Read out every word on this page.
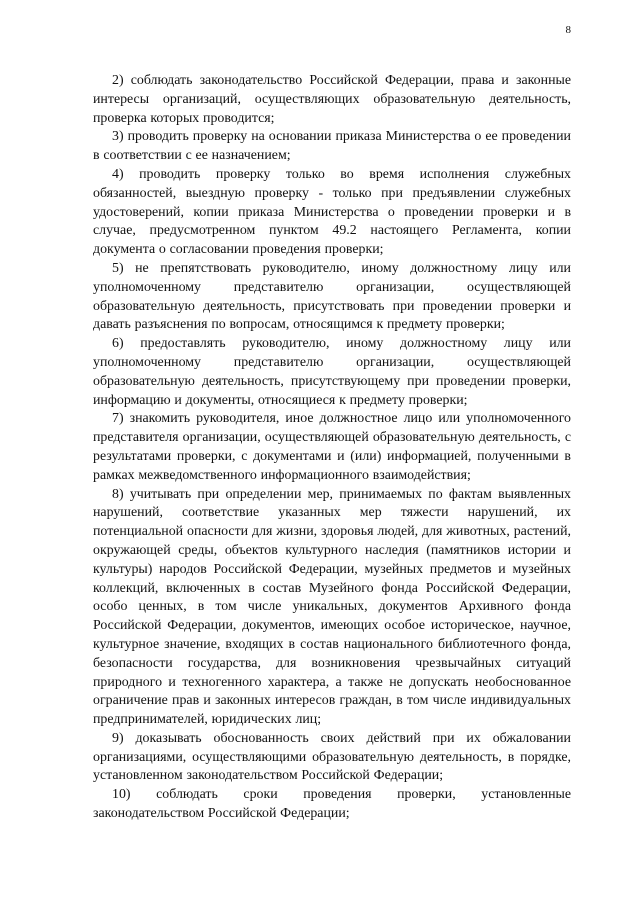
8

2) соблюдать законодательство Российской Федерации, права и законные интересы организаций, осуществляющих образовательную деятельность, проверка которых проводится;

3) проводить проверку на основании приказа Министерства о ее проведении в соответствии с ее назначением;

4) проводить проверку только во время исполнения служебных обязанностей, выездную проверку - только при предъявлении служебных удостоверений, копии приказа Министерства о проведении проверки и в случае, предусмотренном пунктом 49.2 настоящего Регламента, копии документа о согласовании проведения проверки;

5) не препятствовать руководителю, иному должностному лицу или уполномоченному представителю организации, осуществляющей образовательную деятельность, присутствовать при проведении проверки и давать разъяснения по вопросам, относящимся к предмету проверки;

6) предоставлять руководителю, иному должностному лицу или уполномоченному представителю организации, осуществляющей образовательную деятельность, присутствующему при проведении проверки, информацию и документы, относящиеся к предмету проверки;

7) знакомить руководителя, иное должностное лицо или уполномоченного представителя организации, осуществляющей образовательную деятельность, с результатами проверки, с документами и (или) информацией, полученными в рамках межведомственного информационного взаимодействия;

8) учитывать при определении мер, принимаемых по фактам выявленных нарушений, соответствие указанных мер тяжести нарушений, их потенциальной опасности для жизни, здоровья людей, для животных, растений, окружающей среды, объектов культурного наследия (памятников истории и культуры) народов Российской Федерации, музейных предметов и музейных коллекций, включенных в состав Музейного фонда Российской Федерации, особо ценных, в том числе уникальных, документов Архивного фонда Российской Федерации, документов, имеющих особое историческое, научное, культурное значение, входящих в состав национального библиотечного фонда, безопасности государства, для возникновения чрезвычайных ситуаций природного и техногенного характера, а также не допускать необоснованное ограничение прав и законных интересов граждан, в том числе индивидуальных предпринимателей, юридических лиц;

9) доказывать обоснованность своих действий при их обжаловании организациями, осуществляющими образовательную деятельность, в порядке, установленном законодательством Российской Федерации;

10) соблюдать сроки проведения проверки, установленные законодательством Российской Федерации;
